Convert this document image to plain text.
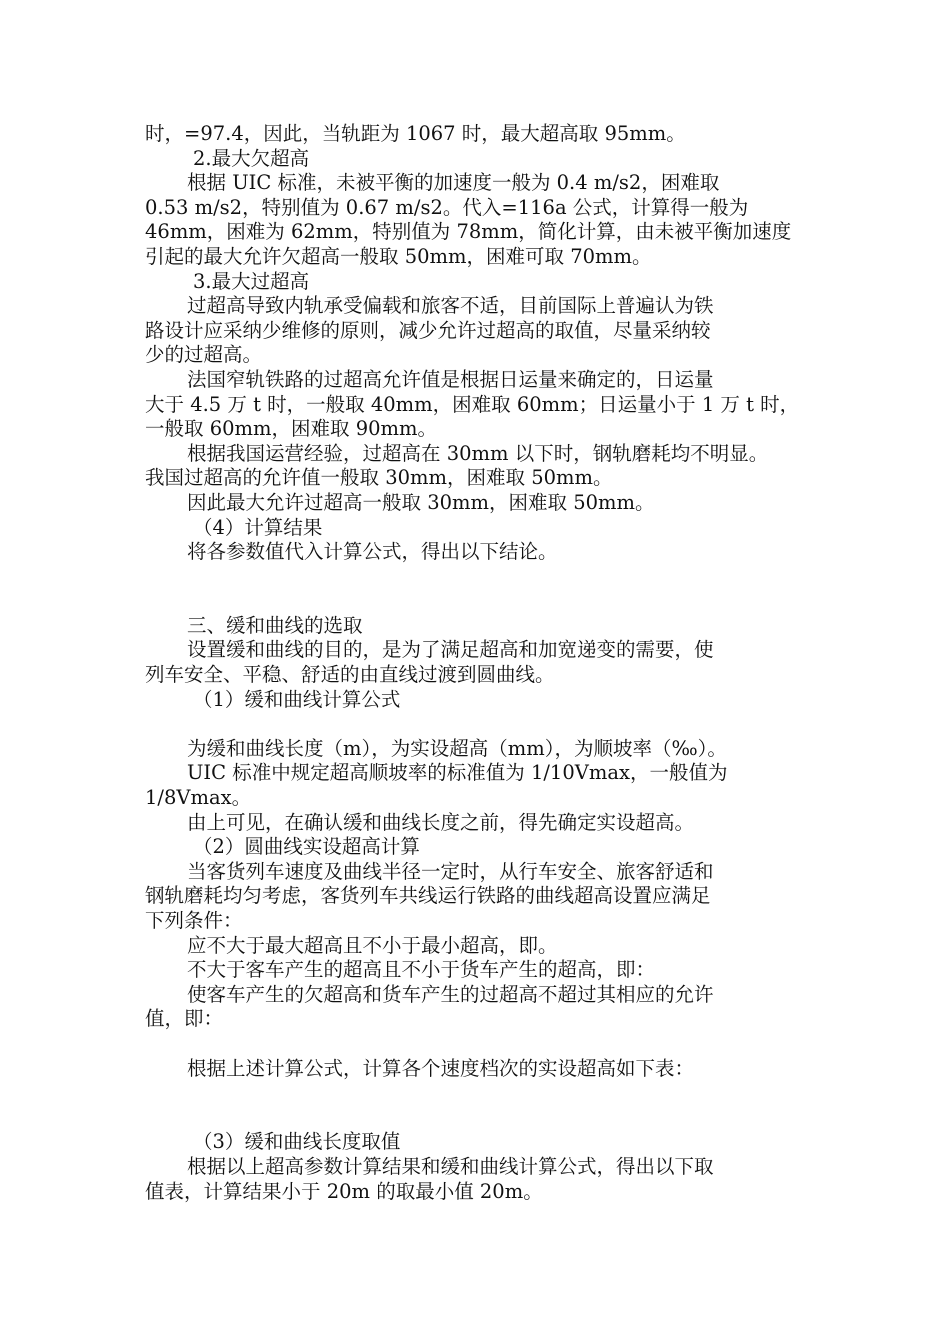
时，=97.4，因此，当轨距为 1067 时，最大超高取 95mm。
2.最大欠超高
根据 UIC 标准，未被平衡的加速度一般为 0.4 m/s2，困难取
0.53 m/s2，特别值为 0.67 m/s2。代入=116a 公式，计算得一般为
46mm，困难为 62mm，特别值为 78mm，简化计算，由未被平衡加速度
引起的最大允许欠超高一般取 50mm，困难可取 70mm。
3.最大过超高
过超高导致内轨承受偏载和旅客不适，目前国际上普遍认为铁
路设计应采纳少维修的原则，减少允许过超高的取值，尽量采纳较
少的过超高。
法国窄轨铁路的过超高允许值是根据日运量来确定的，日运量
大于 4.5 万 t 时，一般取 40mm，困难取 60mm；日运量小于 1 万 t 时，
一般取 60mm，困难取 90mm。
根据我国运营经验，过超高在 30mm 以下时，钢轨磨耗均不明显。
我国过超高的允许值一般取 30mm，困难取 50mm。
因此最大允许过超高一般取 30mm，困难取 50mm。
（4）计算结果
将各参数值代入计算公式，得出以下结论。
三、缓和曲线的选取
设置缓和曲线的目的，是为了满足超高和加宽递变的需要，使
列车安全、平稳、舒适的由直线过渡到圆曲线。
（1）缓和曲线计算公式
为缓和曲线长度（m），为实设超高（mm），为顺坡率（‰）。
UIC 标准中规定超高顺坡率的标准值为 1/10Vmax，一般值为
1/8Vmax。
由上可见，在确认缓和曲线长度之前，得先确定实设超高。
（2）圆曲线实设超高计算
当客货列车速度及曲线半径一定时，从行车安全、旅客舒适和
钢轨磨耗均匀考虑，客货列车共线运行铁路的曲线超高设置应满足
下列条件：
应不大于最大超高且不小于最小超高，即。
不大于客车产生的超高且不小于货车产生的超高，即：
使客车产生的欠超高和货车产生的过超高不超过其相应的允许
值，即：
根据上述计算公式，计算各个速度档次的实设超高如下表：
（3）缓和曲线长度取值
根据以上超高参数计算结果和缓和曲线计算公式，得出以下取
值表，计算结果小于 20m 的取最小值 20m。
